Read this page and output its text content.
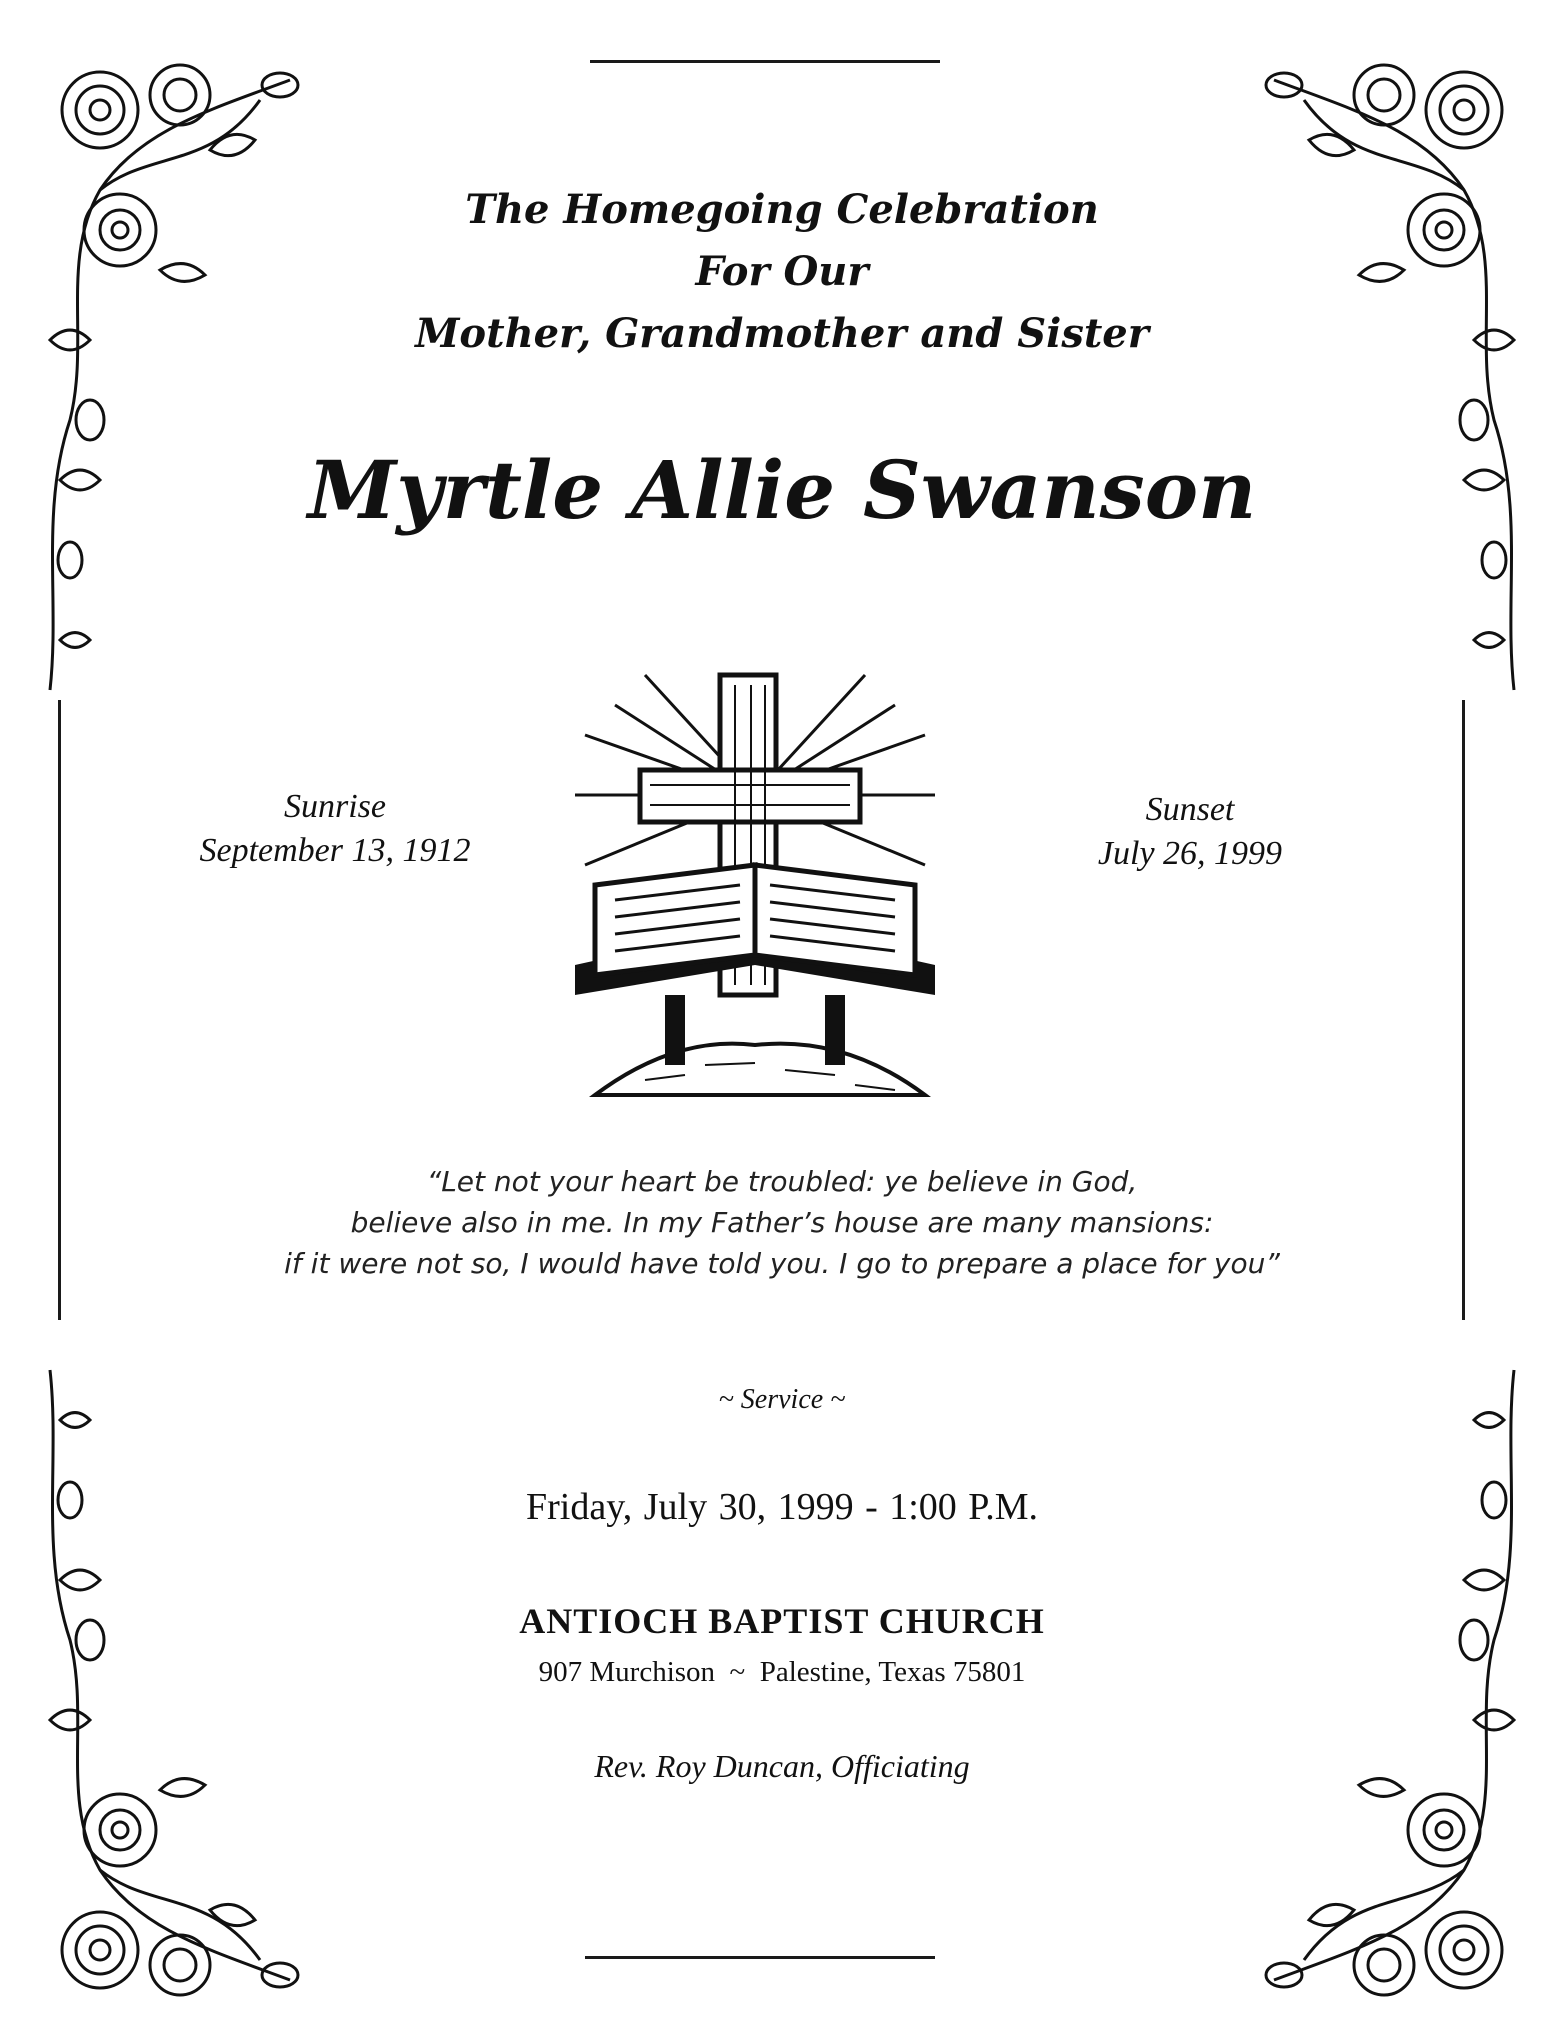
The Homegoing Celebration
For Our
Mother, Grandmother and Sister
Myrtle Allie Swanson
Sunrise
September 13, 1912
Sunset
July 26, 1999
“Let not your heart be troubled: ye believe in God,
believe also in me. In my Father’s house are many mansions:
if it were not so, I would have told you. I go to prepare a place for you”
~ Service ~
Friday, July 30, 1999 - 1:00 P.M.
ANTIOCH BAPTIST CHURCH
907 Murchison  ~  Palestine, Texas 75801
Rev. Roy Duncan, Officiating
